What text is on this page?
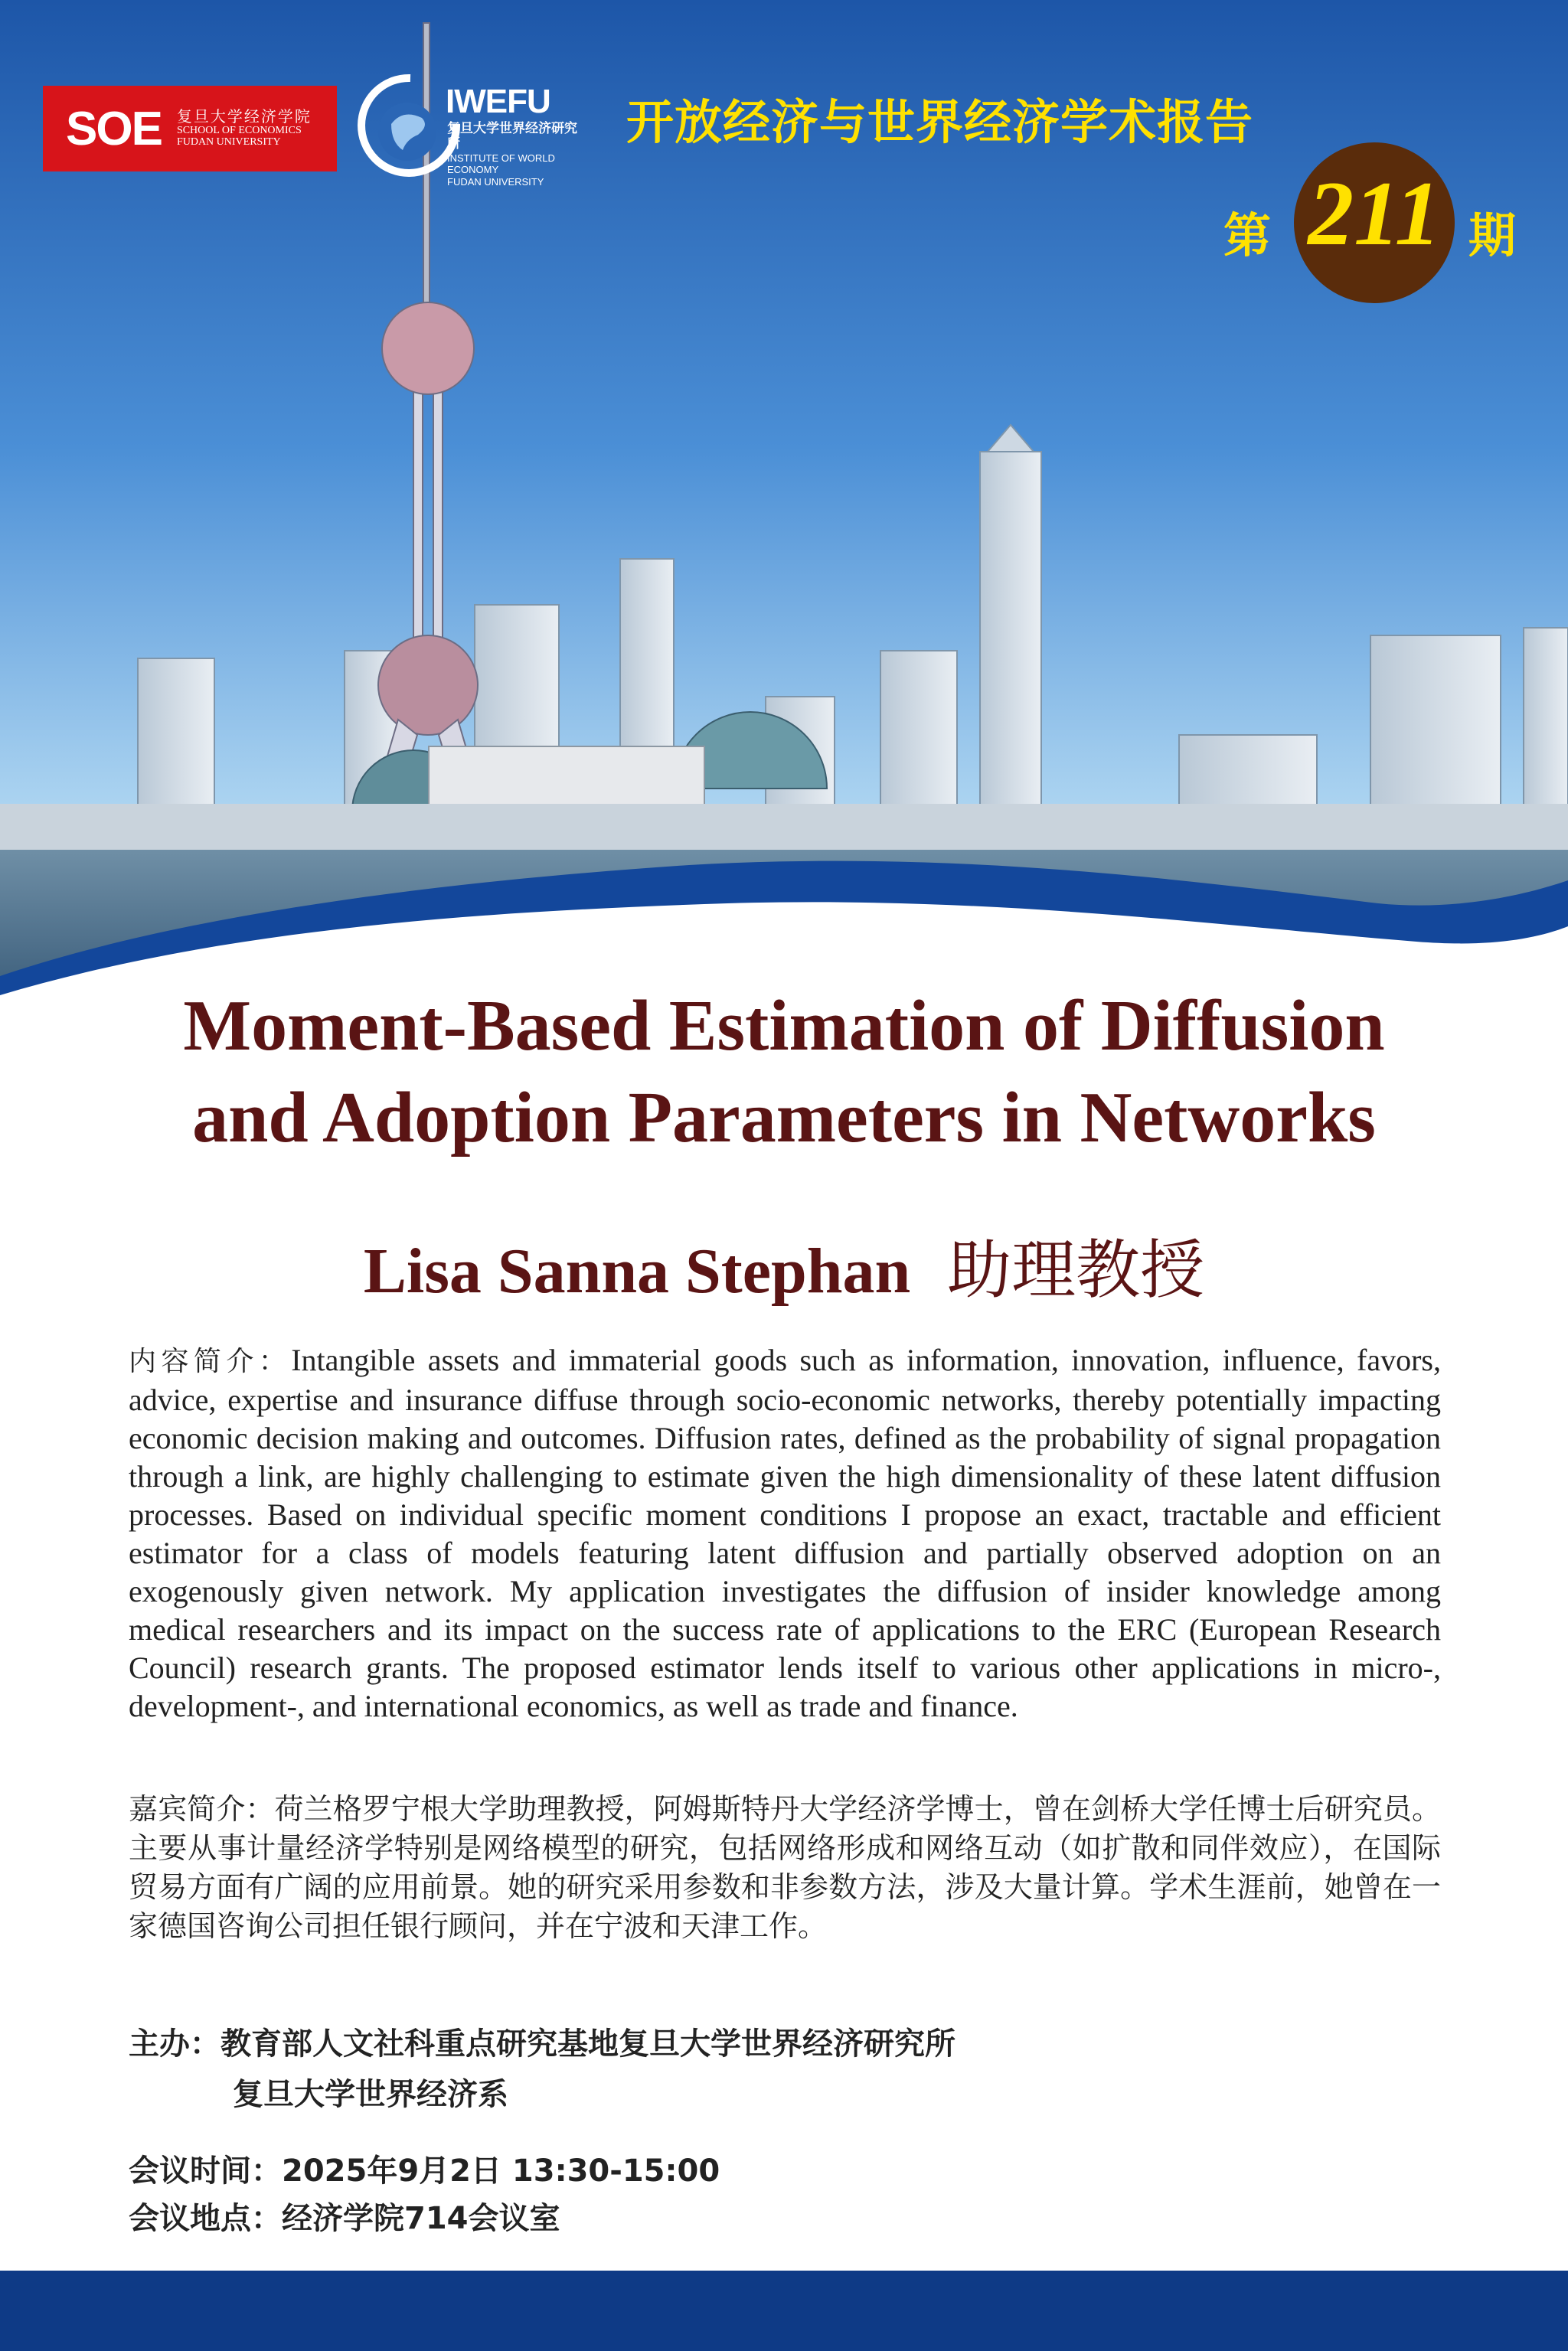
SOE 复旦大学经济学院
SCHOOL OF ECONOMICS
FUDAN UNIVERSITY
IWEFU
复旦大学世界经济研究所
INSTITUTE OF WORLD ECONOMY
FUDAN UNIVERSITY
开放经济与世界经济学术报告
第 211 期
Moment-Based Estimation of Diffusion
and Adoption Parameters in Networks
Lisa Sanna Stephan 助理教授
内容简介：Intangible assets and immaterial goods such as information, innovation, influence, favors, advice, expertise and insurance diffuse through socio-economic networks, thereby potentially impacting economic decision making and outcomes. Diffusion rates, defined as the probability of signal propagation through a link, are highly challenging to estimate given the high dimensionality of these latent diffusion processes. Based on individual specific moment conditions I propose an exact, tractable and efficient estimator for a class of models featuring latent diffusion and partially observed adoption on an exogenously given network. My application investigates the diffusion of insider knowledge among medical researchers and its impact on the success rate of applications to the ERC (European Research Council) research grants. The proposed estimator lends itself to various other applications in micro-, development-, and international economics, as well as trade and finance.
嘉宾简介：荷兰格罗宁根大学助理教授，阿姆斯特丹大学经济学博士，曾在剑桥大学任博士后研究员。主要从事计量经济学特别是网络模型的研究，包括网络形成和网络互动（如扩散和同伴效应），在国际贸易方面有广阔的应用前景。她的研究采用参数和非参数方法，涉及大量计算。学术生涯前，她曾在一家德国咨询公司担任银行顾问，并在宁波和天津工作。
主办：教育部人文社科重点研究基地复旦大学世界经济研究所
复旦大学世界经济系
会议时间：2025年9月2日 13:30-15:00
会议地点：经济学院714会议室
